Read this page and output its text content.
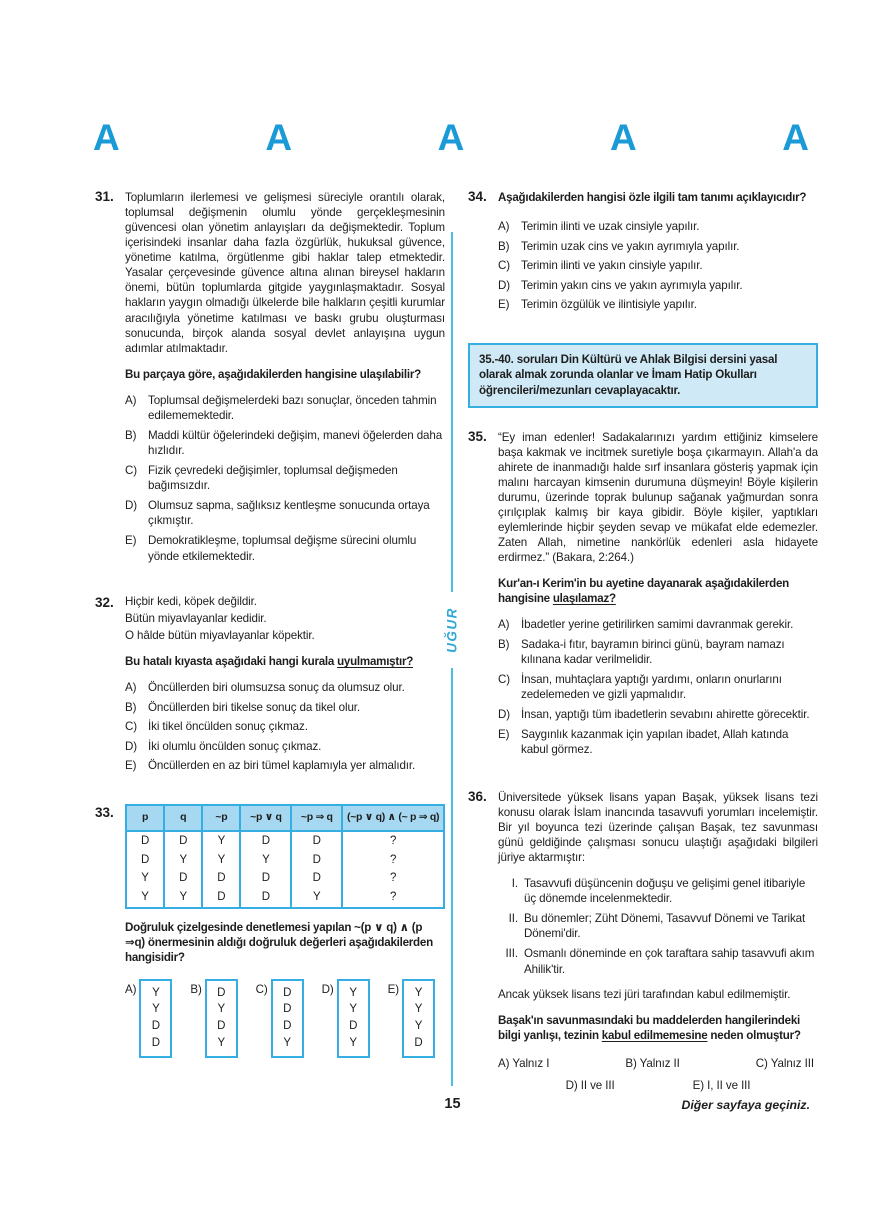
A	A	A	A	A
UĞUR
31. Toplumların ilerlemesi ve gelişmesi süreciyle orantılı olarak, toplumsal değişmenin olumlu yönde gerçekleşmesinin güvencesi olan yönetim anlayışları da değişmektedir. Toplum içerisindeki insanlar daha fazla özgürlük, hukuksal güvence, yönetime katılma, örgütlenme gibi haklar talep etmektedir. Yasalar çerçevesinde güvence altına alınan bireysel hakların önemi, bütün toplumlarda gitgide yaygınlaşmaktadır. Sosyal hakların yaygın olmadığı ülkelerde bile halkların çeşitli kurumlar aracılığıyla yönetime katılması ve baskı grubu oluşturması sonucunda, birçok alanda sosyal devlet anlayışına uygun adımlar atılmaktadır.

Bu parçaya göre, aşağıdakilerden hangisine ulaşılabilir?

A) Toplumsal değişmelerdeki bazı sonuçlar, önceden tahmin edilememektedir.
B) Maddi kültür öğelerindeki değişim, manevi öğelerden daha hızlıdır.
C) Fizik çevredeki değişimler, toplumsal değişmeden bağımsızdır.
D) Olumsuz sapma, sağlıksız kentleşme sonucunda ortaya çıkmıştır.
E) Demokratikleşme, toplumsal değişme sürecini olumlu yönde etkilemektedir.
32. Hiçbir kedi, köpek değildir.

Bütün miyavlayanlar kedidir.

O hâlde bütün miyavlayanlar köpektir.

Bu hatalı kıyasta aşağıdaki hangi kurala uyulmamıştır?

A) Öncüllerden biri olumsuzsa sonuç da olumsuz olur.
B) Öncüllerden biri tikelse sonuç da tikel olur.
C) İki tikel öncülden sonuç çıkmaz.
D) İki olumlu öncülden sonuç çıkmaz.
E) Öncüllerden en az biri tümel kaplamıyla yer almalıdır.
33.	p	q	~p	~p ∨ q	~p ⇒ q	(~p ∨ q) ∧ (~ p ⇒ q)
D	D	Y	D	D	?
D	Y	Y	Y	D	?
Y	D	D	D	D	?
Y	Y	D	D	Y	?

Doğruluk çizelgesinde denetlemesi yapılan ~(p ∨ q) ∧ (p ⇒q) önermesinin aldığı doğruluk değerleri aşağıdakilerden hangisidir?

A) Y
Y
D
D
B) D
Y
D
Y
C) D
D
D
Y
D) Y
Y
D
Y
E) Y
Y
Y
D
34. Aşağıdakilerden hangisi özle ilgili tam tanımı açıklayıcıdır?

A) Terimin ilinti ve uzak cinsiyle yapılır.
B) Terimin uzak cins ve yakın ayrımıyla yapılır.
C) Terimin ilinti ve yakın cinsiyle yapılır.
D) Terimin yakın cins ve yakın ayrımıyla yapılır.
E) Terimin özgülük ve ilintisiyle yapılır.
35.-40. soruları Din Kültürü ve Ahlak Bilgisi dersini yasal olarak almak zorunda olanlar ve İmam Hatip Okulları öğrencileri/mezunları cevaplayacaktır.
35. “Ey iman edenler! Sadakalarınızı yardım ettiğiniz kimselere başa kakmak ve incitmek suretiyle boşa çıkarmayın. Allah'a da ahirete de inanmadığı halde sırf insanlara gösteriş yapmak için malını harcayan kimsenin durumuna düşmeyin! Böyle kişilerin durumu, üzerinde toprak bulunup sağanak yağmurdan sonra çırılçıplak kalmış bir kaya gibidir. Böyle kişiler, yaptıkları eylemlerinde hiçbir şeyden sevap ve mükafat elde edemezler. Zaten Allah, nimetine nankörlük edenleri asla hidayete erdirmez.” (Bakara, 2:264.)

Kur'an-ı Kerim'in bu ayetine dayanarak aşağıdakilerden hangisine ulaşılamaz?

A) İbadetler yerine getirilirken samimi davranmak gerekir.
B) Sadaka-i fıtır, bayramın birinci günü, bayram namazı kılınana kadar verilmelidir.
C) İnsan, muhtaçlara yaptığı yardımı, onların onurlarını zedelemeden ve gizli yapmalıdır.
D) İnsan, yaptığı tüm ibadetlerin sevabını ahirette görecektir.
E) Saygınlık kazanmak için yapılan ibadet, Allah katında kabul görmez.
36. Üniversitede yüksek lisans yapan Başak, yüksek lisans tezi konusu olarak İslam inancında tasavvufi yorumları incelemiştir. Bir yıl boyunca tezi üzerinde çalışan Başak, tez savunması günü geldiğinde çalışması sonucu ulaştığı aşağıdaki bilgileri jüriye aktarmıştır:

I. Tasavvufi düşüncenin doğuşu ve gelişimi genel itibariyle üç dönemde incelenmektedir.
II. Bu dönemler; Züht Dönemi, Tasavvuf Dönemi ve Tarikat Dönemi'dir.
III. Osmanlı döneminde en çok taraftara sahip tasavvufi akım Ahilik'tir.

Ancak yüksek lisans tezi jüri tarafından kabul edilmemiştir.

Başak'ın savunmasındaki bu maddelerden hangilerindeki bilgi yanlışı, tezinin kabul edilmemesine neden olmuştur?

A) Yalnız I	B) Yalnız II	C) Yalnız III
D) II ve III	E) I, II ve III
15	Diğer sayfaya geçiniz.
